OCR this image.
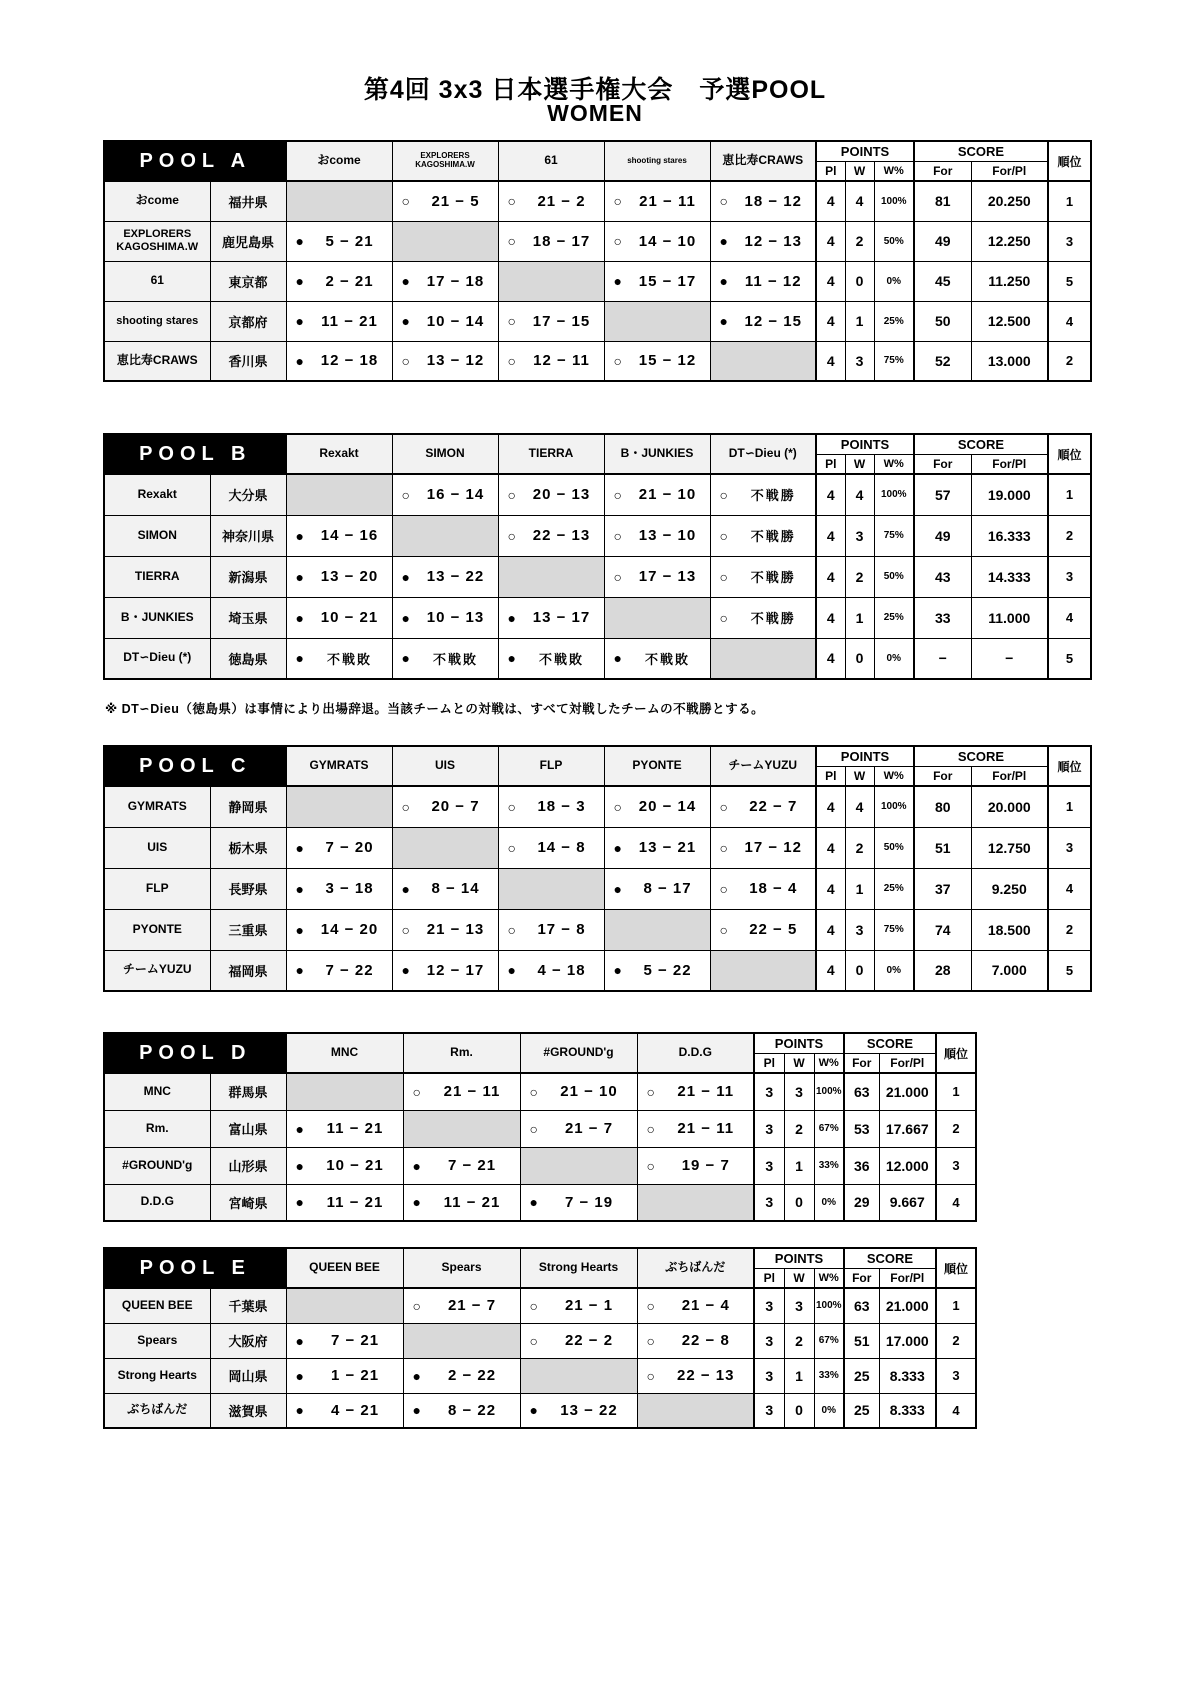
第4回 3x3 日本選手権大会　予選POOL
WOMEN
POOL A		おcome	EXPLORERS KAGOSHIMA.W	61	shooting stares	恵比寿CRAWS	POINTS			SCORE		順位
							Pl	W	W%	For	For/Pl	
おcome	福井県		○ 21 − 5	○ 21 − 2	○ 21 − 11	○ 18 − 12	4	4	100%	81	20.250	1
EXPLORERS KAGOSHIMA.W	鹿児島県	● 5 − 21		○ 18 − 17	○ 14 − 10	● 12 − 13	4	2	50%	49	12.250	3
61	東京都	● 2 − 21	● 17 − 18		● 15 − 17	● 11 − 12	4	0	0%	45	11.250	5
shooting stares	京都府	● 11 − 21	● 10 − 14	○ 17 − 15		● 12 − 15	4	1	25%	50	12.500	4
恵比寿CRAWS	香川県	● 12 − 18	○ 13 − 12	○ 12 − 11	○ 15 − 12		4	3	75%	52	13.000	2
POOL B		Rexakt	SIMON	TIERRA	B・JUNKIES	DT∽Dieu (*)	POINTS			SCORE		順位
							Pl	W	W%	For	For/Pl	
Rexakt	大分県		○ 16 − 14	○ 20 − 13	○ 21 − 10	○ 不戦勝	4	4	100%	57	19.000	1
SIMON	神奈川県	● 14 − 16		○ 22 − 13	○ 13 − 10	○ 不戦勝	4	3	75%	49	16.333	2
TIERRA	新潟県	● 13 − 20	● 13 − 22		○ 17 − 13	○ 不戦勝	4	2	50%	43	14.333	3
B・JUNKIES	埼玉県	● 10 − 21	● 10 − 13	● 13 − 17		○ 不戦勝	4	1	25%	33	11.000	4
DT∽Dieu (*)	徳島県	● 不戦敗	● 不戦敗	● 不戦敗	● 不戦敗		4	0	0%	−	−	5
POOL C		GYMRATS	UIS	FLP	PYONTE	チームYUZU	POINTS			SCORE		順位
							Pl	W	W%	For	For/Pl	
GYMRATS	静岡県		○ 20 − 7	○ 18 − 3	○ 20 − 14	○ 22 − 7	4	4	100%	80	20.000	1
UIS	栃木県	● 7 − 20		○ 14 − 8	● 13 − 21	○ 17 − 12	4	2	50%	51	12.750	3
FLP	長野県	● 3 − 18	● 8 − 14		● 8 − 17	○ 18 − 4	4	1	25%	37	9.250	4
PYONTE	三重県	● 14 − 20	○ 21 − 13	○ 17 − 8		○ 22 − 5	4	3	75%	74	18.500	2
チームYUZU	福岡県	● 7 − 22	● 12 − 17	● 4 − 18	● 5 − 22		4	0	0%	28	7.000	5
POOL D		MNC	Rm.	#GROUND'g	D.D.G	POINTS			SCORE		順位
						Pl	W	W%	For	For/Pl	
MNC	群馬県		○ 21 − 11	○ 21 − 10	○ 21 − 11	3	3	100%	63	21.000	1
Rm.	富山県	● 11 − 21		○ 21 − 7	○ 21 − 11	3	2	67%	53	17.667	2
#GROUND'g	山形県	● 10 − 21	● 7 − 21		○ 19 − 7	3	1	33%	36	12.000	3
D.D.G	宮崎県	● 11 − 21	● 11 − 21	● 7 − 19		3	0	0%	29	9.667	4
POOL E		QUEEN BEE	Spears	Strong Hearts	ぶちばんだ	POINTS			SCORE		順位
						Pl	W	W%	For	For/Pl	
QUEEN BEE	千葉県		○ 21 − 7	○ 21 − 1	○ 21 − 4	3	3	100%	63	21.000	1
Spears	大阪府	● 7 − 21		○ 22 − 2	○ 22 − 8	3	2	67%	51	17.000	2
Strong Hearts	岡山県	● 1 − 21	● 2 − 22		○ 22 − 13	3	1	33%	25	8.333	3
ぶちばんだ	滋賀県	● 4 − 21	● 8 − 22	● 13 − 22		3	0	0%	25	8.333	4
※ DT∽Dieu（徳島県）は事情により出場辞退。当該チームとの対戦は、すべて対戦したチームの不戦勝とする。
